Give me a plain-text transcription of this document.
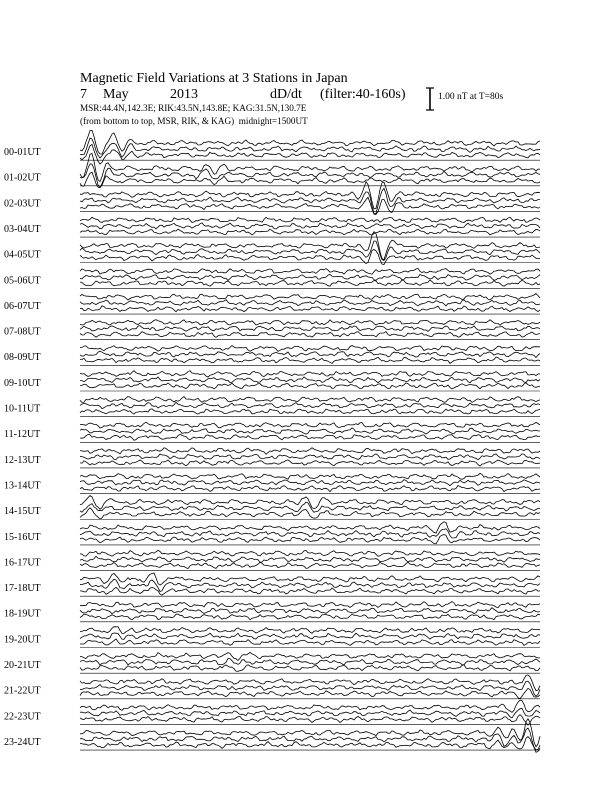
Magnetic Field Variations at 3 Stations in Japan
7 May	2013	dD/dt (filter:40-160s)
MSR:44.4N,142.3E; RIK:43.5N,143.8E; KAG:31.5N,130.7E
(from bottom to top, MSR, RIK, & KAG) midnight=1500UT
1.00 nT at T=80s
00-01UT
01-02UT
02-03UT
03-04UT
04-05UT
05-06UT
06-07UT
07-08UT
08-09UT
09-10UT
10-11UT
11-12UT
12-13UT
13-14UT
14-15UT
15-16UT
16-17UT
17-18UT
18-19UT
19-20UT
20-21UT
21-22UT
22-23UT
23-24UT
